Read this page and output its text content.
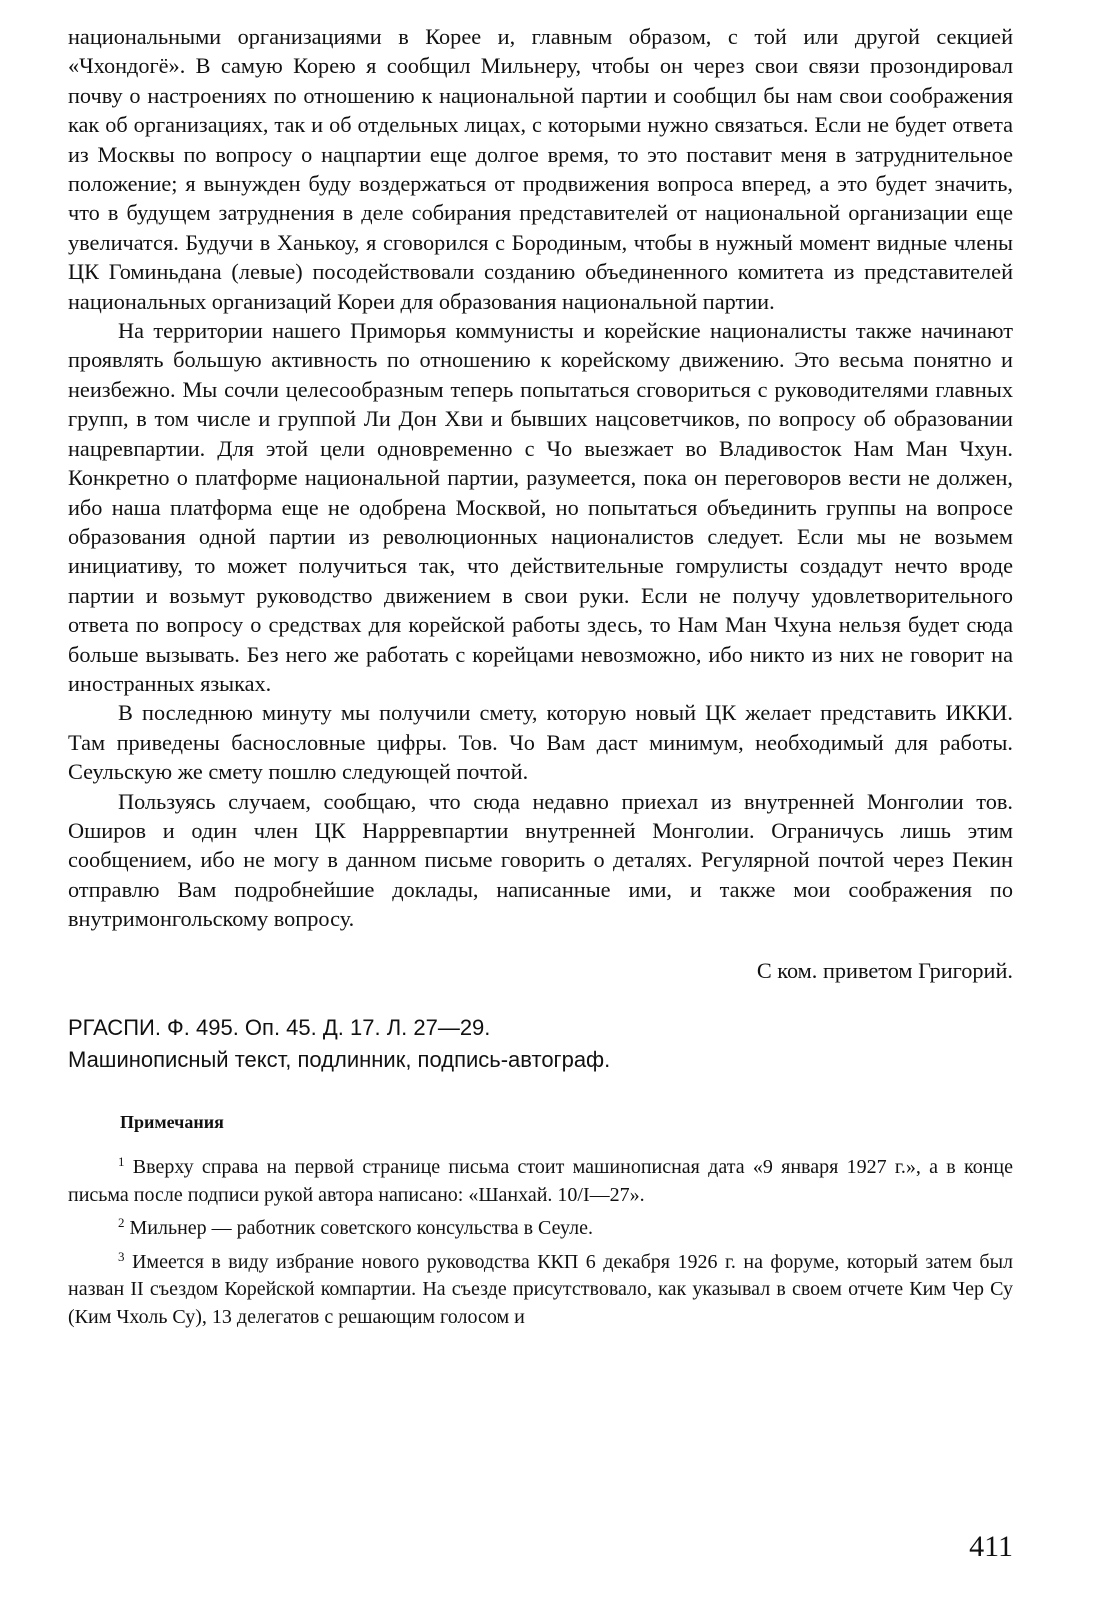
национальными организациями в Корее и, главным образом, с той или другой секцией «Чхондогё». В самую Корею я сообщил Мильнеру, чтобы он через свои связи прозондировал почву о настроениях по отношению к национальной партии и сообщил бы нам свои соображения как об организациях, так и об отдельных лицах, с которыми нужно связаться. Если не будет ответа из Москвы по вопросу о нацпартии еще долгое время, то это поставит меня в затруднительное положение; я вынужден буду воздержаться от продвижения вопроса вперед, а это будет значить, что в будущем затруднения в деле собирания представителей от национальной организации еще увеличатся. Будучи в Ханькоу, я сговорился с Бородиным, чтобы в нужный момент видные члены ЦК Гоминьдана (левые) посодействовали созданию объединенного комитета из представителей национальных организаций Кореи для образования национальной партии.

На территории нашего Приморья коммунисты и корейские националисты также начинают проявлять большую активность по отношению к корейскому движению. Это весьма понятно и неизбежно. Мы сочли целесообразным теперь попытаться сговориться с руководителями главных групп, в том числе и группой Ли Дон Хви и бывших нацсоветчиков, по вопросу об образовании нацревпартии. Для этой цели одновременно с Чо выезжает во Владивосток Нам Ман Чхун. Конкретно о платформе национальной партии, разумеется, пока он переговоров вести не должен, ибо наша платформа еще не одобрена Москвой, но попытаться объединить группы на вопросе образования одной партии из революционных националистов следует. Если мы не возьмем инициативу, то может получиться так, что действительные гомрулисты создадут нечто вроде партии и возьмут руководство движением в свои руки. Если не получу удовлетворительного ответа по вопросу о средствах для корейской работы здесь, то Нам Ман Чхуна нельзя будет сюда больше вызывать. Без него же работать с корейцами невозможно, ибо никто из них не говорит на иностранных языках.

В последнюю минуту мы получили смету, которую новый ЦК желает представить ИККИ. Там приведены баснословные цифры. Тов. Чо Вам даст минимум, необходимый для работы. Сеульскую же смету пошлю следующей почтой.

Пользуясь случаем, сообщаю, что сюда недавно приехал из внутренней Монголии тов. Оширов и один член ЦК Наррревпартии внутренней Монголии. Ограничусь лишь этим сообщением, ибо не могу в данном письме говорить о деталях. Регулярной почтой через Пекин отправлю Вам подробнейшие доклады, написанные ими, и также мои соображения по внутримонгольскому вопросу.

С ком. приветом Григорий.
РГАСПИ. Ф. 495. Оп. 45. Д. 17. Л. 27—29.
Машинописный текст, подлинник, подпись-автограф.
Примечания

$^1$ Вверху справа на первой странице письма стоит машинописная дата «9 января 1927 г.», а в конце письма после подписи рукой автора написано: «Шанхай. 10/I—27».

$^2$ Мильнер — работник советского консульства в Сеуле.

$^3$ Имеется в виду избрание нового руководства ККП 6 декабря 1926 г. на форуме, который затем был назван II съездом Корейской компартии. На съезде присутствовало, как указывал в своем отчете Ким Чер Су (Ким Чхоль Су), 13 делегатов с решающим голосом и

411
